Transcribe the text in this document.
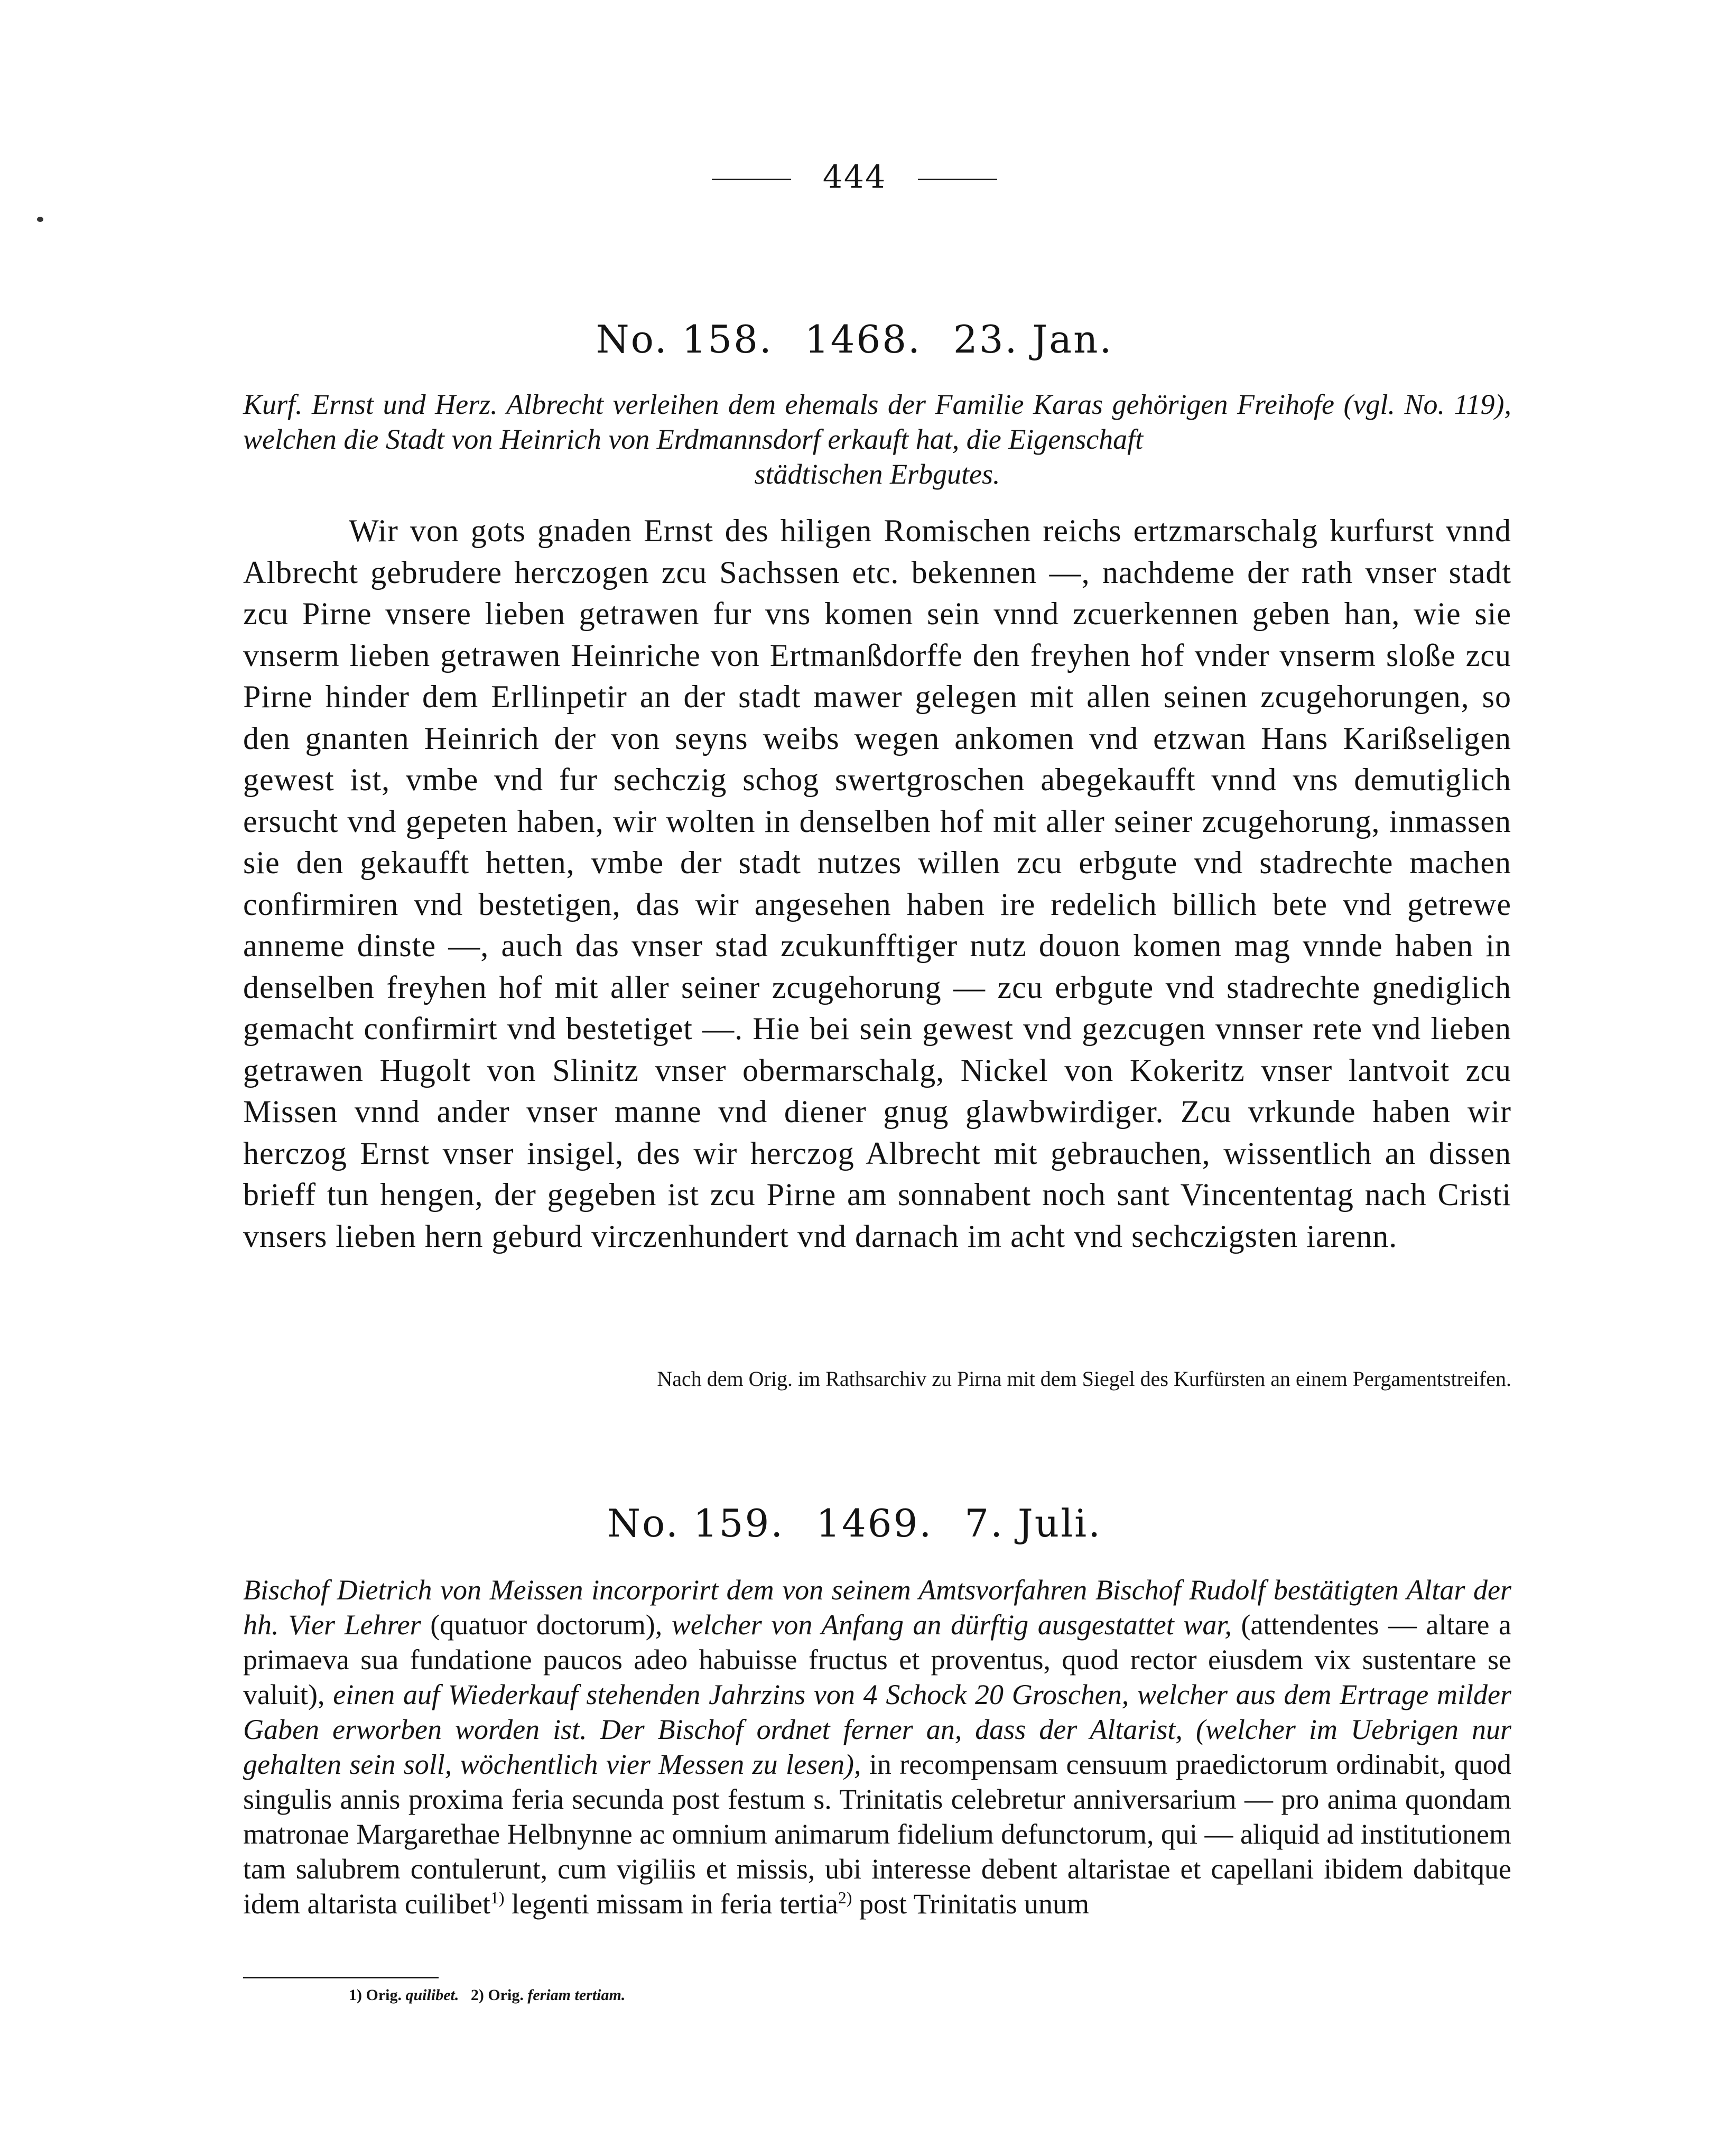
444
No. 158. 1468. 23. Jan.
Kurf. Ernst und Herz. Albrecht verleihen dem ehemals der Familie Karas gehörigen Freihofe (vgl. No. 119), welchen die Stadt von Heinrich von Erdmannsdorf erkauft hat, die Eigenschaft
städtischen Erbgutes.

Wir von gots gnaden Ernst des hiligen Romischen reichs ertzmarschalg kurfurst vnnd Albrecht gebrudere herczogen zcu Sachssen etc. bekennen —, nachdeme der rath vnser stadt zcu Pirne vnsere lieben getrawen fur vns komen sein vnnd zcuerkennen geben han, wie sie vnserm lieben getrawen Heinriche von Ertmanßdorffe den freyhen hof vnder vnserm sloße zcu Pirne hinder dem Erllinpetir an der stadt mawer gelegen mit allen seinen zcugehorungen, so den gnanten Heinrich der von seyns weibs wegen ankomen vnd etzwan Hans Karißseligen gewest ist, vmbe vnd fur sechczig schog swertgroschen abegekaufft vnnd vns demutiglich ersucht vnd gepeten haben, wir wolten in denselben hof mit aller seiner zcugehorung, inmassen sie den gekaufft hetten, vmbe der stadt nutzes willen zcu erbgute vnd stadrechte machen confirmiren vnd bestetigen, das wir angesehen haben ire redelich billich bete vnd getrewe anneme dinste —, auch das vnser stad zcukunfftiger nutz douon komen mag vnnde haben in denselben freyhen hof mit aller seiner zcugehorung — zcu erbgute vnd stadrechte gnediglich gemacht confirmirt vnd bestetiget —. Hie bei sein gewest vnd gezcugen vnnser rete vnd lieben getrawen Hugolt von Slinitz vnser obermarschalg, Nickel von Kokeritz vnser lantvoit zcu Missen vnnd ander vnser manne vnd diener gnug glawbwirdiger. Zcu vrkunde haben wir herczog Ernst vnser insigel, des wir herczog Albrecht mit gebrauchen, wissentlich an dissen brieff tun hengen, der gegeben ist zcu Pirne am sonnabent noch sant Vincententag nach Cristi vnsers lieben hern geburd virczenhundert vnd darnach im acht vnd sechczigsten iarenn.

Nach dem Orig. im Rathsarchiv zu Pirna mit dem Siegel des Kurfürsten an einem Pergamentstreifen.
No. 159. 1469. 7. Juli.
Bischof Dietrich von Meissen incorporirt dem von seinem Amtsvorfahren Bischof Rudolf bestätigten Altar der hh. Vier Lehrer (quatuor doctorum), welcher von Anfang an dürftig ausgestattet war, (attendentes — altare a primaeva sua fundatione paucos adeo habuisse fructus et proventus, quod rector eiusdem vix sustentare se valuit), einen auf Wiederkauf stehenden Jahrzins von 4 Schock 20 Groschen, welcher aus dem Ertrage milder Gaben erworben worden ist. Der Bischof ordnet ferner an, dass der Altarist, (welcher im Uebrigen nur gehalten sein soll, wöchentlich vier Messen zu lesen), in recompensam censuum praedictorum ordinabit, quod singulis annis proxima feria secunda post festum s. Trinitatis celebretur anniversarium — pro anima quondam matronae Margarethae Helbnynne ac omnium animarum fidelium defunctorum, qui — aliquid ad institutionem tam salubrem contulerunt, cum vigiliis et missis, ubi interesse debent altaristae et capellani ibidem dabitque idem altarista cuilibet$^{1)}$ legenti missam in feria tertia$^{2)}$ post Trinitatis unum
1) Orig. quilibet. 2) Orig. feriam tertiam.
